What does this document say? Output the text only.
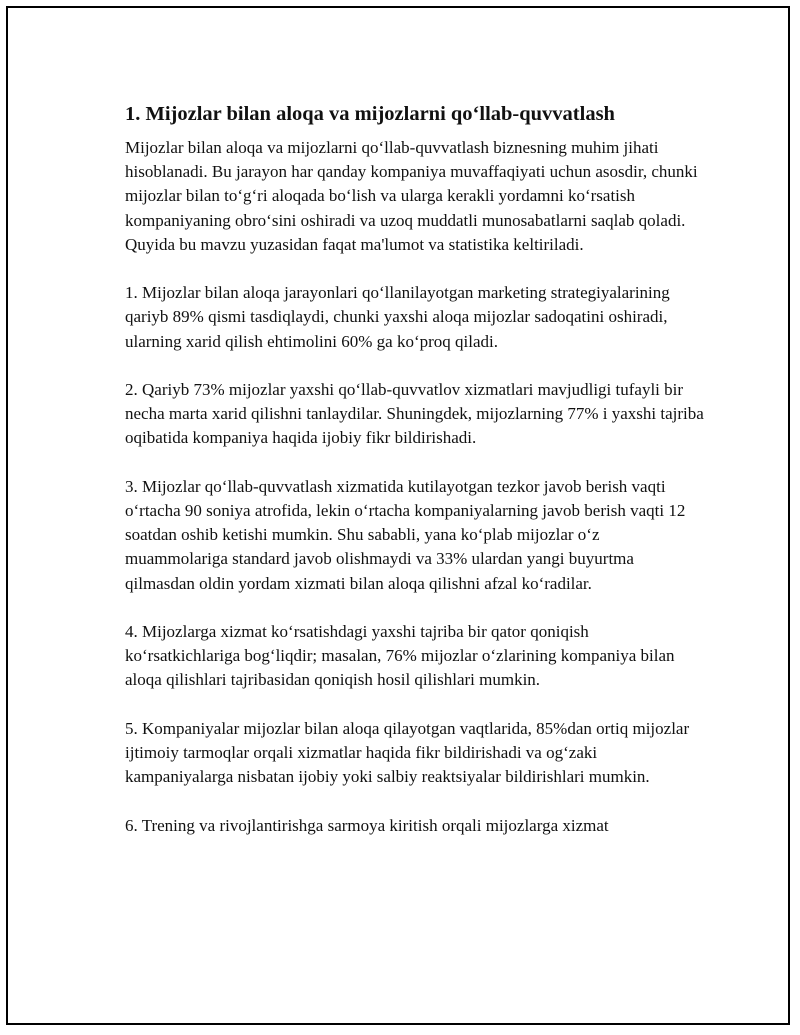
1. Mijozlar bilan aloqa va mijozlarni qo‘llab-quvvatlash

Mijozlar bilan aloqa va mijozlarni qo‘llab-quvvatlash biznesning muhim jihati hisoblanadi. Bu jarayon har qanday kompaniya muvaffaqiyati uchun asosdir, chunki mijozlar bilan to‘g‘ri aloqada bo‘lish va ularga kerakli yordamni ko‘rsatish kompaniyaning obro‘sini oshiradi va uzoq muddatli munosabatlarni saqlab qoladi. Quyida bu mavzu yuzasidan faqat ma'lumot va statistika keltiriladi.

1. Mijozlar bilan aloqa jarayonlari qo‘llanilayotgan marketing strategiyalarining qariyb 89% qismi tasdiqlaydi, chunki yaxshi aloqa mijozlar sadoqatini oshiradi, ularning xarid qilish ehtimolini 60% ga ko‘proq qiladi.

2. Qariyb 73% mijozlar yaxshi qo‘llab-quvvatlov xizmatlari mavjudligi tufayli bir necha marta xarid qilishni tanlaydilar. Shuningdek, mijozlarning 77% i yaxshi tajriba oqibatida kompaniya haqida ijobiy fikr bildirishadi.

3. Mijozlar qo‘llab-quvvatlash xizmatida kutilayotgan tezkor javob berish vaqti o‘rtacha 90 soniya atrofida, lekin o‘rtacha kompaniyalarning javob berish vaqti 12 soatdan oshib ketishi mumkin. Shu sababli, yana ko‘plab mijozlar o‘z muammolariga standard javob olishmaydi va 33% ulardan yangi buyurtma qilmasdan oldin yordam xizmati bilan aloqa qilishni afzal ko‘radilar.

4. Mijozlarga xizmat ko‘rsatishdagi yaxshi tajriba bir qator qoniqish ko‘rsatkichlariga bog‘liqdir; masalan, 76% mijozlar o‘zlarining kompaniya bilan aloqa qilishlari tajribasidan qoniqish hosil qilishlari mumkin.

5. Kompaniyalar mijozlar bilan aloqa qilayotgan vaqtlarida, 85%dan ortiq mijozlar ijtimoiy tarmoqlar orqali xizmatlar haqida fikr bildirishadi va og‘zaki kampaniyalarga nisbatan ijobiy yoki salbiy reaktsiyalar bildirishlari mumkin.

6. Trening va rivojlantirishga sarmoya kiritish orqali mijozlarga xizmat
